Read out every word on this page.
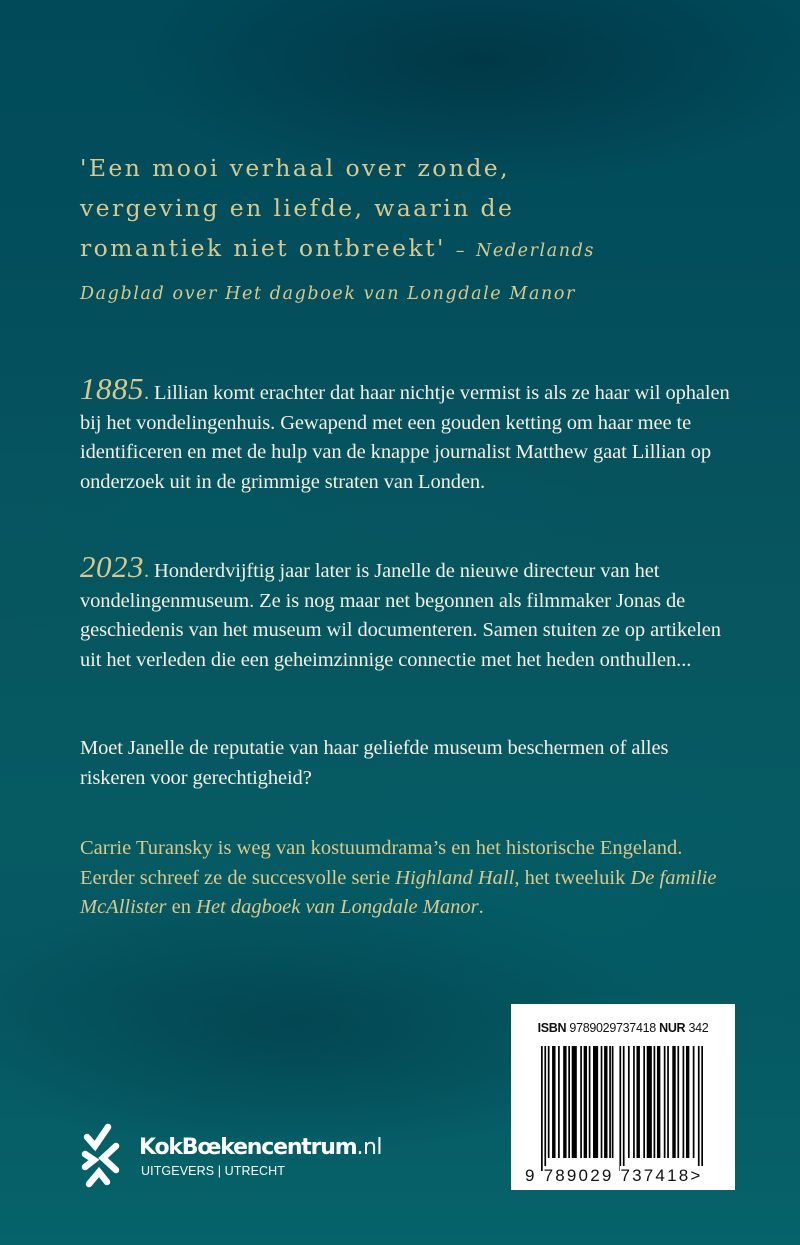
'Een mooi verhaal over zonde,
vergeving en liefde, waarin de
romantiek niet ontbreekt' – Nederlands
Dagblad over Het dagboek van Longdale Manor
1885. Lillian komt erachter dat haar nichtje vermist is als ze haar wil ophalen bij het vondelingenhuis. Gewapend met een gouden ketting om haar mee te identificeren en met de hulp van de knappe journalist Matthew gaat Lillian op onderzoek uit in de grimmige straten van Londen.
2023. Honderdvijftig jaar later is Janelle de nieuwe directeur van het vondelingenmuseum. Ze is nog maar net begonnen als filmmaker Jonas de geschiedenis van het museum wil documenteren. Samen stuiten ze op artikelen uit het verleden die een geheimzinnige connectie met het heden onthullen...
Moet Janelle de reputatie van haar geliefde museum beschermen of alles riskeren voor gerechtigheid?
Carrie Turansky is weg van kostuumdrama’s en het historische Engeland. Eerder schreef ze de succesvolle serie Highland Hall, het tweeluik De familie McAllister en Het dagboek van Longdale Manor.
ISBN 9789029737418 NUR 342
9 789029 737418>
KokBœkencentrum.nl
UITGEVERS | UTRECHT
